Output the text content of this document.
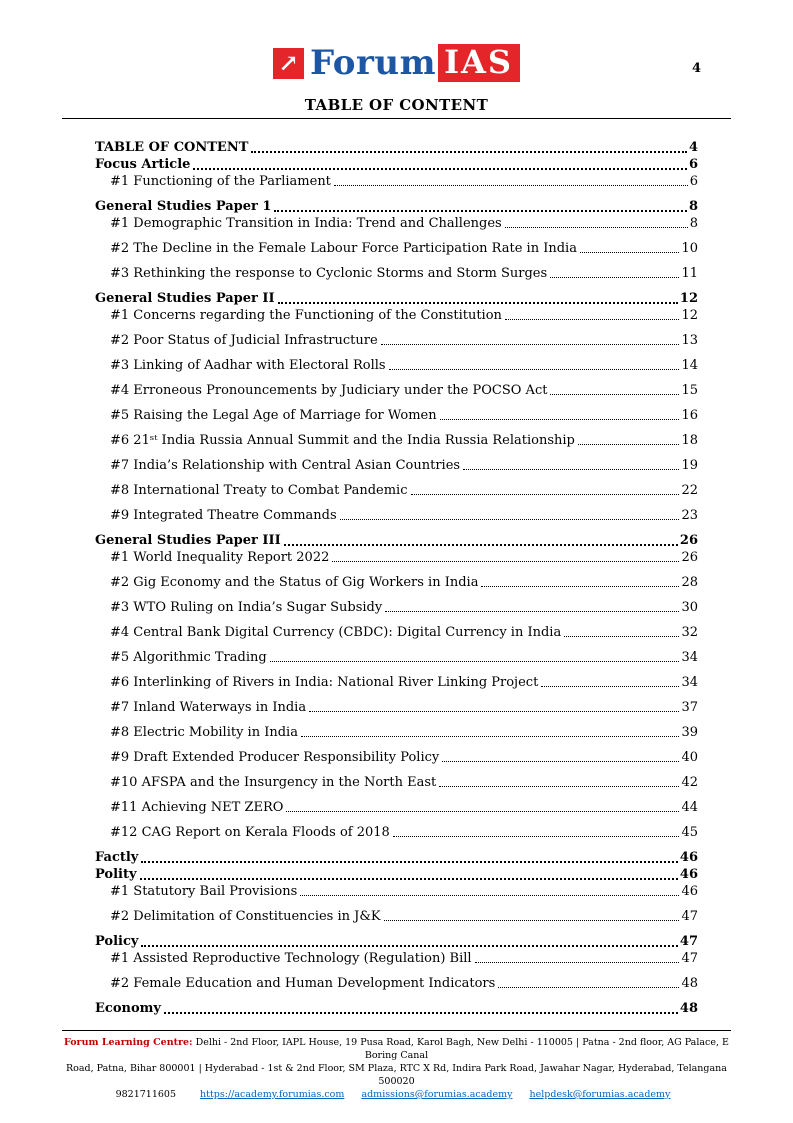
4
↗ Forum IAS
TABLE OF CONTENT
TABLE OF CONTENT	4
Focus Article	6
#1 Functioning of the Parliament	6
General Studies Paper 1	8
#1 Demographic Transition in India: Trend and Challenges	8
#2 The Decline in the Female Labour Force Participation Rate in India	10
#3 Rethinking the response to Cyclonic Storms and Storm Surges	11
General Studies Paper II	12
#1 Concerns regarding the Functioning of the Constitution	12
#2 Poor Status of Judicial Infrastructure	13
#3 Linking of Aadhar with Electoral Rolls	14
#4 Erroneous Pronouncements by Judiciary under the POCSO Act	15
#5 Raising the Legal Age of Marriage for Women	16
#6 21ˢᵗ India Russia Annual Summit and the India Russia Relationship	18
#7 India’s Relationship with Central Asian Countries	19
#8 International Treaty to Combat Pandemic	22
#9 Integrated Theatre Commands	23
General Studies Paper III	26
#1 World Inequality Report 2022	26
#2 Gig Economy and the Status of Gig Workers in India	28
#3 WTO Ruling on India’s Sugar Subsidy	30
#4 Central Bank Digital Currency (CBDC): Digital Currency in India	32
#5 Algorithmic Trading	34
#6 Interlinking of Rivers in India: National River Linking Project	34
#7 Inland Waterways in India	37
#8 Electric Mobility in India	39
#9 Draft Extended Producer Responsibility Policy	40
#10 AFSPA and the Insurgency in the North East	42
#11 Achieving NET ZERO	44
#12 CAG Report on Kerala Floods of 2018	45
Factly	46
Polity	46
#1 Statutory Bail Provisions	46
#2 Delimitation of Constituencies in J&K	47
Policy	47
#1 Assisted Reproductive Technology (Regulation) Bill	47
#2 Female Education and Human Development Indicators	48
Economy	48
Forum Learning Centre: Delhi - 2nd Floor, IAPL House, 19 Pusa Road, Karol Bagh, New Delhi - 110005 | Patna - 2nd floor, AG Palace, E Boring Canal
Road, Patna, Bihar 800001 | Hyderabad - 1st & 2nd Floor, SM Plaza, RTC X Rd, Indira Park Road, Jawahar Nagar, Hyderabad, Telangana 500020
9821711605	https://academy.forumias.com admissions@forumias.academy helpdesk@forumias.academy
